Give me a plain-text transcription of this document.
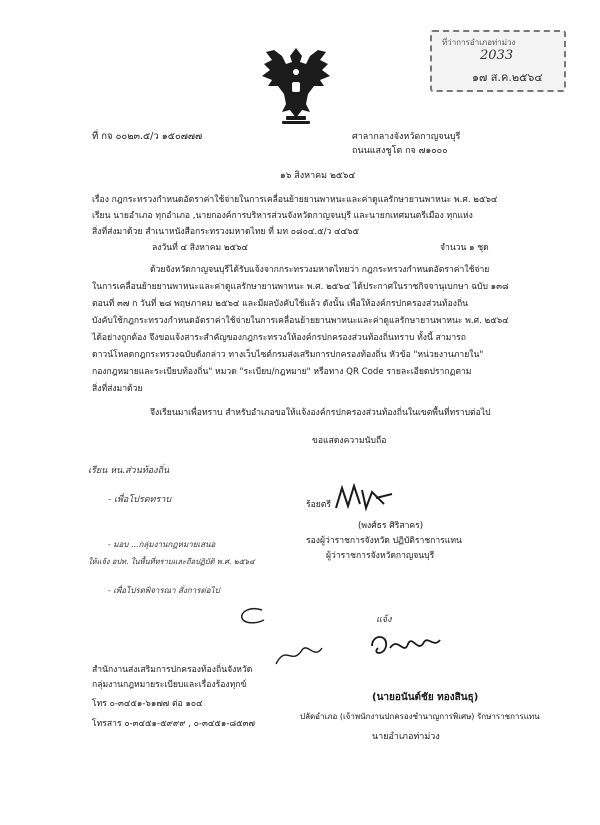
ที่ว่าการอำเภอท่าม่วง
2033
๑๗ ส.ค.๒๕๖๔
ที่ กจ ๐๐๒๓.๕/ว ๑๕๐๗๗๗	ศาลากลางจังหวัดกาญจนบุรี
ถนนแสงชูโต กจ ๗๑๐๐๐
๑๖ สิงหาคม ๒๕๖๔
เรื่อง กฎกระทรวงกำหนดอัตราค่าใช้จ่ายในการเคลื่อนย้ายยานพาหนะและค่าดูแลรักษายานพาหนะ พ.ศ. ๒๕๖๔
เรียน นายอำเภอ ทุกอำเภอ ,นายกองค์การบริหารส่วนจังหวัดกาญจนบุรี และนายกเทศมนตรีเมือง ทุกแห่ง
สิ่งที่ส่งมาด้วย สำเนาหนังสือกระทรวงมหาดไทย ที่ มท ๐๘๐๔.๕/ว ๔๔๖๕
ลงวันที่ ๔ สิงหาคม ๒๕๖๔	จำนวน ๑ ชุด
ด้วยจังหวัดกาญจนบุรีได้รับแจ้งจากกระทรวงมหาดไทยว่า กฎกระทรวงกำหนดอัตราค่าใช้จ่าย
ในการเคลื่อนย้ายยานพาหนะและค่าดูแลรักษายานพาหนะ พ.ศ. ๒๕๖๔ ได้ประกาศในราชกิจจานุเบกษา ฉบับ ๑๓๘
ตอนที่ ๓๗ ก วันที่ ๒๘ พฤษภาคม ๒๕๖๔ และมีผลบังคับใช้แล้ว ดังนั้น เพื่อให้องค์กรปกครองส่วนท้องถิ่น
บังคับใช้กฎกระทรวงกำหนดอัตราค่าใช้จ่ายในการเคลื่อนย้ายยานพาหนะและค่าดูแลรักษายานพาหนะ พ.ศ. ๒๕๖๔
ได้อย่างถูกต้อง จึงขอแจ้งสาระสำคัญของกฎกระทรวงให้องค์กรปกครองส่วนท้องถิ่นทราบ ทั้งนี้ สามารถ
ดาวน์โหลดกฎกระทรวงฉบับดังกล่าว ทางเว็บไซต์กรมส่งเสริมการปกครองท้องถิ่น หัวข้อ "หน่วยงานภายใน"
กองกฎหมายและระเบียบท้องถิ่น" หมวด "ระเบียบ/กฎหมาย" หรือทาง QR Code รายละเอียดปรากฏตาม
สิ่งที่ส่งมาด้วย
จึงเรียนมาเพื่อทราบ สำหรับอำเภอขอให้แจ้งองค์กรปกครองส่วนท้องถิ่นในเขตพื้นที่ทราบต่อไป
ขอแสดงความนับถือ
เรียน หน.ส่วนท้องถิ่น
- เพื่อโปรดทราบ
- มอบ ...กลุ่มงานกฎหมายเสนอ
ให้แจ้ง อปท. ในพื้นที่ทราบและถือปฏิบัติ พ.ศ. ๒๕๖๔
- เพื่อโปรดพิจารณา สั่งการต่อไป
ร้อยตรี
(พงศ์ธร ศิริสาคร)
รองผู้ว่าราชการจังหวัด ปฏิบัติราชการแทน
ผู้ว่าราชการจังหวัดกาญจนบุรี
แจ้ง
สำนักงานส่งเสริมการปกครองท้องถิ่นจังหวัด
กลุ่มงานกฎหมายระเบียบและเรื่องร้องทุกข์
โทร ๐-๓๔๕๑-๖๑๗๗ ต่อ ๑๐๔
โทรสาร ๐-๓๔๕๑-๕๙๙๙ , ๐-๓๔๕๑-๘๕๓๗
(นายอนันต์ชัย ทองสินธุ)
ปลัดอำเภอ (เจ้าพนักงานปกครองชำนาญการพิเศษ) รักษาราชการแทน
นายอำเภอท่าม่วง
